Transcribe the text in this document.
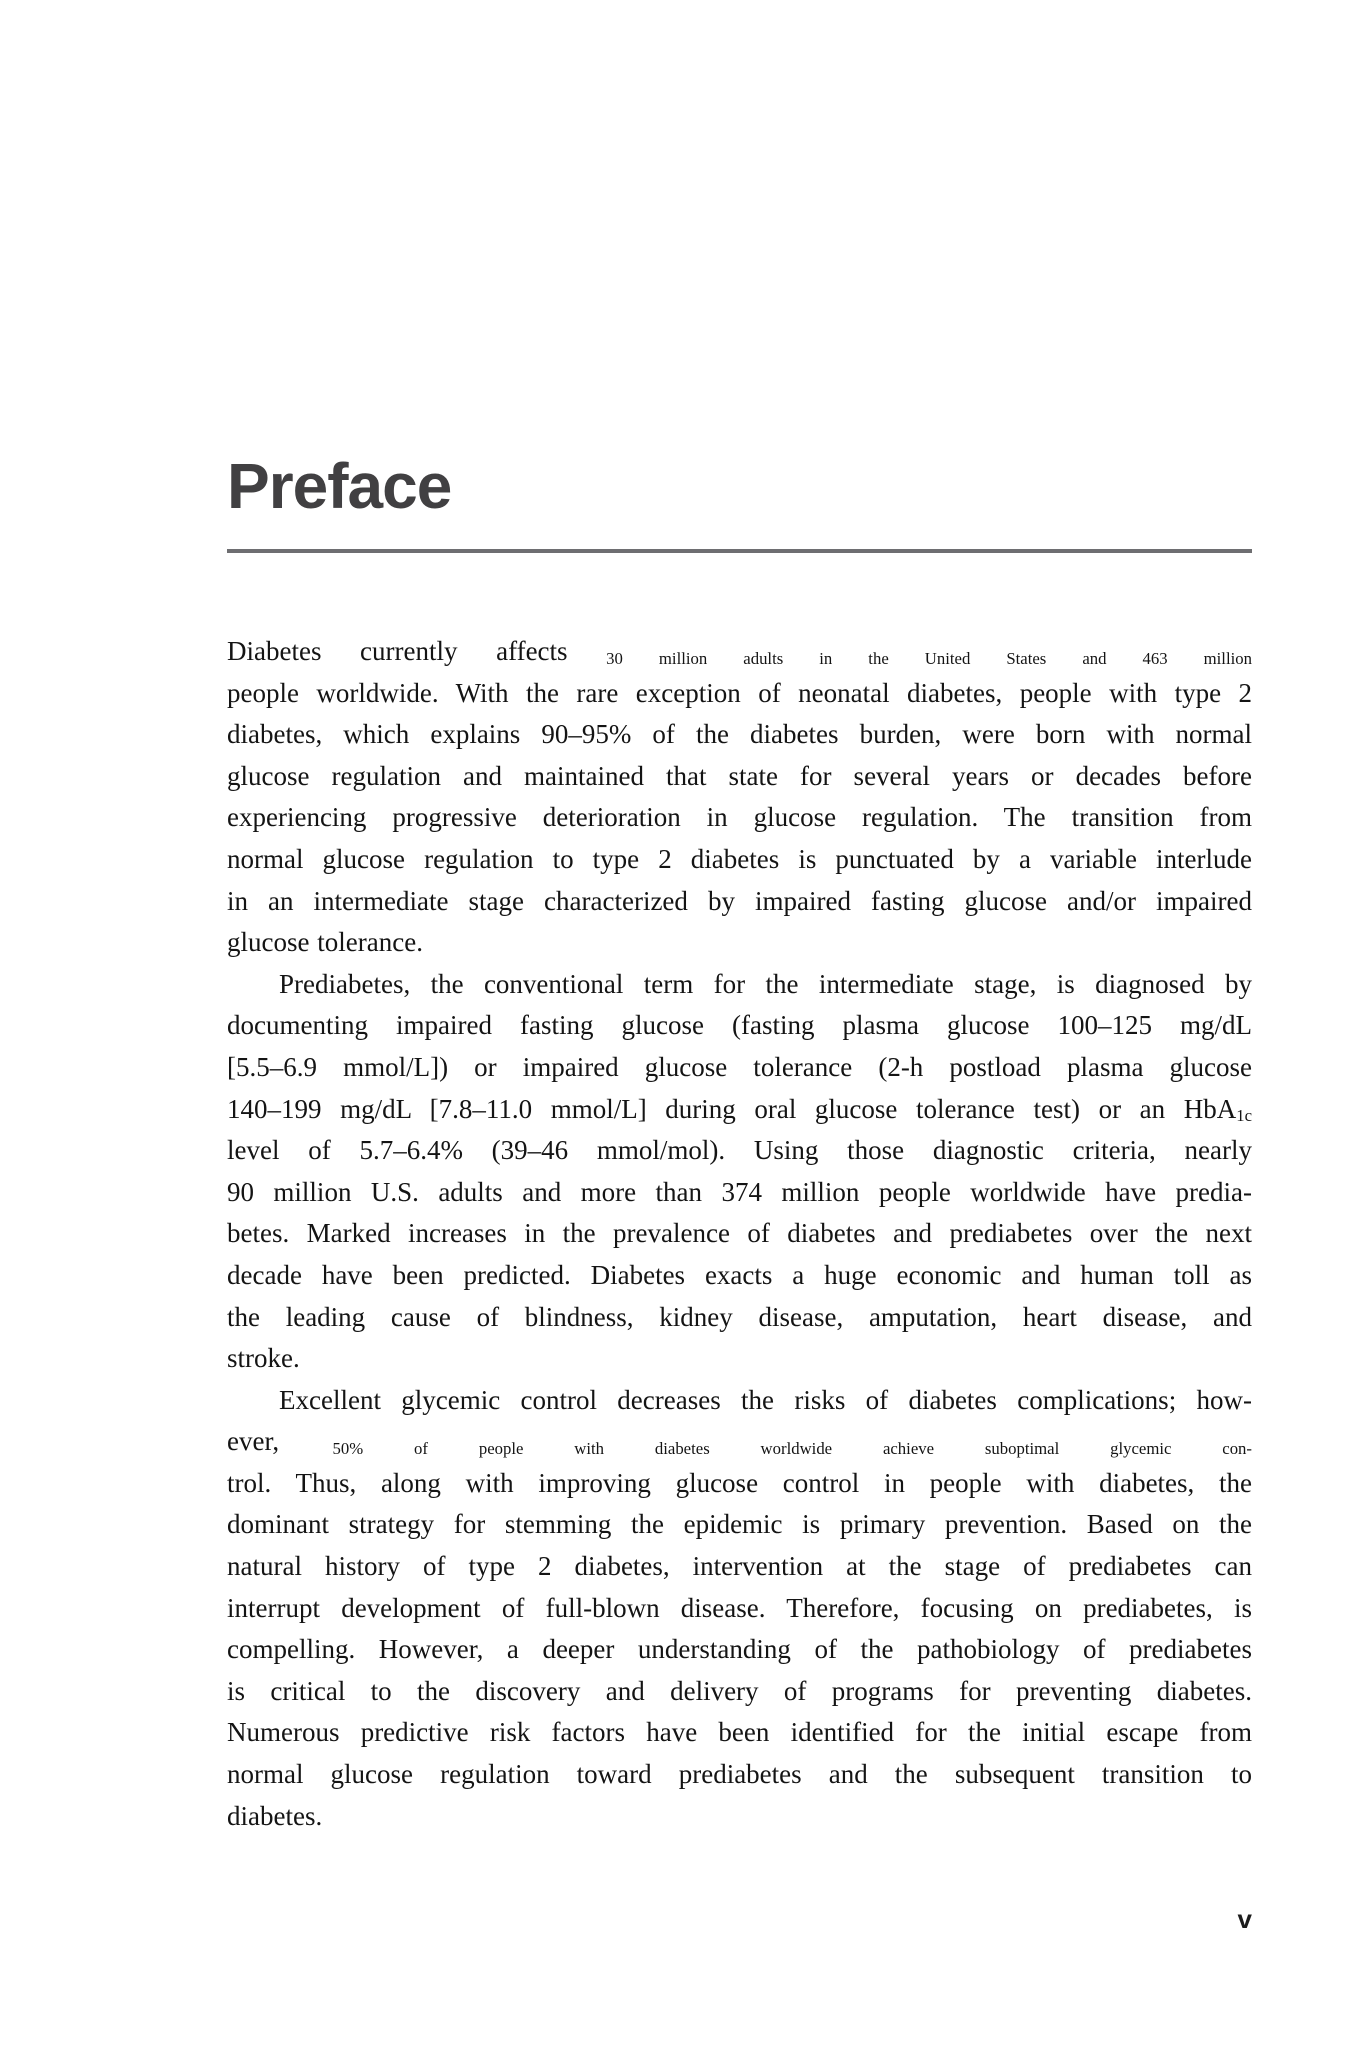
Preface
Diabetes currently affects $_{30 million adults in the United States and 463 million}$
people worldwide. With the rare exception of neonatal diabetes, people with type 2
diabetes, which explains 90–95% of the diabetes burden, were born with normal
glucose regulation and maintained that state for several years or decades before
experiencing progressive deterioration in glucose regulation. The transition from
normal glucose regulation to type 2 diabetes is punctuated by a variable interlude
in an intermediate stage characterized by impaired fasting glucose and/or impaired
glucose tolerance.
Prediabetes, the conventional term for the intermediate stage, is diagnosed by
documenting impaired fasting glucose (fasting plasma glucose 100–125 mg/dL
[5.5–6.9 mmol/L]) or impaired glucose tolerance (2-h postload plasma glucose
140–199 mg/dL [7.8–11.0 mmol/L] during oral glucose tolerance test) or an HbA$_{1c}$
level of 5.7–6.4% (39–46 mmol/mol). Using those diagnostic criteria, nearly
90 million U.S. adults and more than 374 million people worldwide have predia-
betes. Marked increases in the prevalence of diabetes and prediabetes over the next
decade have been predicted. Diabetes exacts a huge economic and human toll as
the leading cause of blindness, kidney disease, amputation, heart disease, and
stroke.
Excellent glycemic control decreases the risks of diabetes complications; how-
ever, $_{50\% of people with diabetes worldwide achieve suboptimal glycemic con-}$
trol. Thus, along with improving glucose control in people with diabetes, the
dominant strategy for stemming the epidemic is primary prevention. Based on the
natural history of type 2 diabetes, intervention at the stage of prediabetes can
interrupt development of full-blown disease. Therefore, focusing on prediabetes, is
compelling. However, a deeper understanding of the pathobiology of prediabetes
is critical to the discovery and delivery of programs for preventing diabetes.
Numerous predictive risk factors have been identified for the initial escape from
normal glucose regulation toward prediabetes and the subsequent transition to
diabetes.
v
